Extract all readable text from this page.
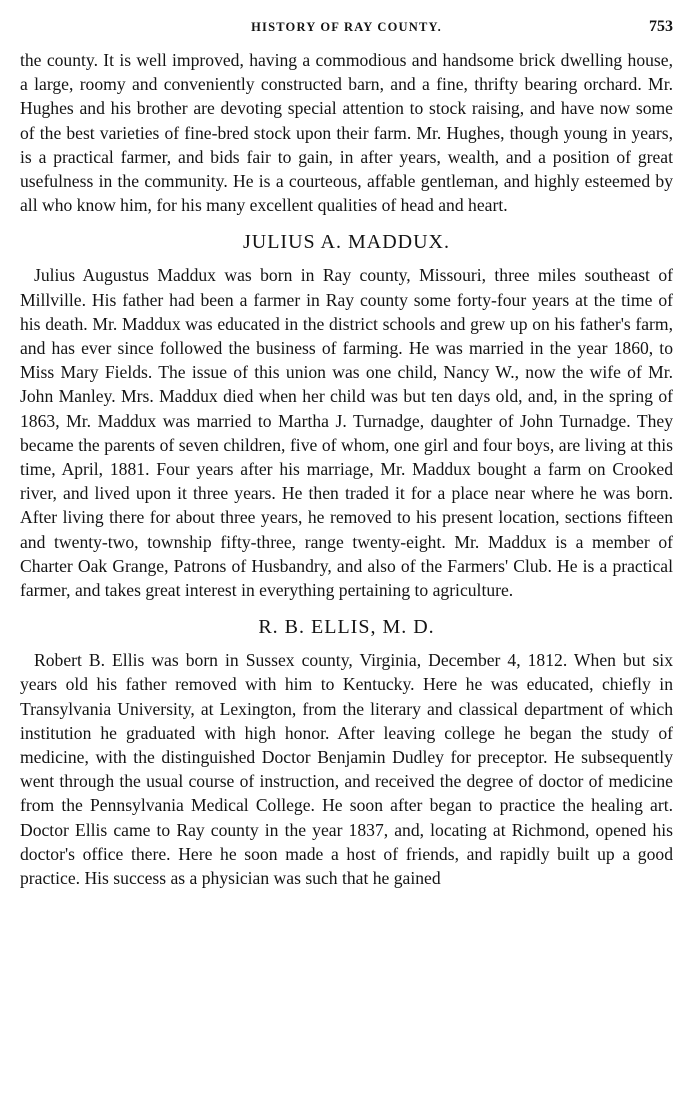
HISTORY OF RAY COUNTY.	753

the county. It is well improved, having a commodious and handsome brick dwelling house, a large, roomy and conveniently constructed barn, and a fine, thrifty bearing orchard. Mr. Hughes and his brother are devoting special attention to stock raising, and have now some of the best varieties of fine-bred stock upon their farm. Mr. Hughes, though young in years, is a practical farmer, and bids fair to gain, in after years, wealth, and a position of great usefulness in the community. He is a courteous, affable gentleman, and highly esteemed by all who know him, for his many excellent qualities of head and heart.

JULIUS A. MADDUX.

Julius Augustus Maddux was born in Ray county, Missouri, three miles southeast of Millville. His father had been a farmer in Ray county some forty-four years at the time of his death. Mr. Maddux was educated in the district schools and grew up on his father's farm, and has ever since followed the business of farming. He was married in the year 1860, to Miss Mary Fields. The issue of this union was one child, Nancy W., now the wife of Mr. John Manley. Mrs. Maddux died when her child was but ten days old, and, in the spring of 1863, Mr. Maddux was married to Martha J. Turnadge, daughter of John Turnadge. They became the parents of seven children, five of whom, one girl and four boys, are living at this time, April, 1881. Four years after his marriage, Mr. Maddux bought a farm on Crooked river, and lived upon it three years. He then traded it for a place near where he was born. After living there for about three years, he removed to his present location, sections fifteen and twenty-two, township fifty-three, range twenty-eight. Mr. Maddux is a member of Charter Oak Grange, Patrons of Husbandry, and also of the Farmers' Club. He is a practical farmer, and takes great interest in everything pertaining to agriculture.

R. B. ELLIS, M. D.

Robert B. Ellis was born in Sussex county, Virginia, December 4, 1812. When but six years old his father removed with him to Kentucky. Here he was educated, chiefly in Transylvania University, at Lexington, from the literary and classical department of which institution he graduated with high honor. After leaving college he began the study of medicine, with the distinguished Doctor Benjamin Dudley for preceptor. He subsequently went through the usual course of instruction, and received the degree of doctor of medicine from the Pennsylvania Medical College. He soon after began to practice the healing art. Doctor Ellis came to Ray county in the year 1837, and, locating at Richmond, opened his doctor's office there. Here he soon made a host of friends, and rapidly built up a good practice. His success as a physician was such that he gained
